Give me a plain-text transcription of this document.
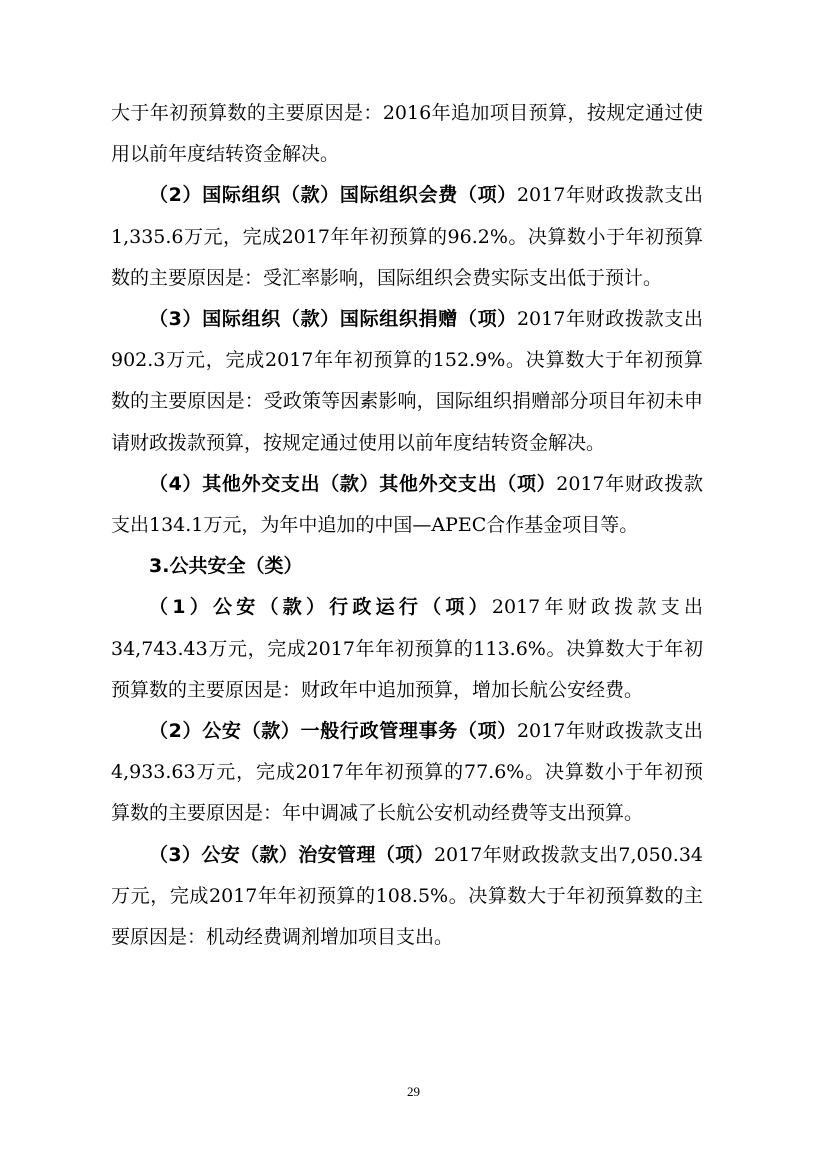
大于年初预算数的主要原因是：2016年追加项目预算，按规定通过使用以前年度结转资金解决。

（2）国际组织（款）国际组织会费（项）2017年财政拨款支出1,335.6万元，完成2017年年初预算的96.2%。决算数小于年初预算数的主要原因是：受汇率影响，国际组织会费实际支出低于预计。

（3）国际组织（款）国际组织捐赠（项）2017年财政拨款支出902.3万元，完成2017年年初预算的152.9%。决算数大于年初预算数的主要原因是：受政策等因素影响，国际组织捐赠部分项目年初未申请财政拨款预算，按规定通过使用以前年度结转资金解决。

（4）其他外交支出（款）其他外交支出（项）2017年财政拨款支出134.1万元，为年中追加的中国—APEC合作基金项目等。

3.公共安全（类）

（1）公安（款）行政运行（项）2017年财政拨款支出34,743.43万元，完成2017年年初预算的113.6%。决算数大于年初预算数的主要原因是：财政年中追加预算，增加长航公安经费。

（2）公安（款）一般行政管理事务（项）2017年财政拨款支出4,933.63万元，完成2017年年初预算的77.6%。决算数小于年初预算数的主要原因是：年中调减了长航公安机动经费等支出预算。

（3）公安（款）治安管理（项）2017年财政拨款支出7,050.34万元，完成2017年年初预算的108.5%。决算数大于年初预算数的主要原因是：机动经费调剂增加项目支出。

29
